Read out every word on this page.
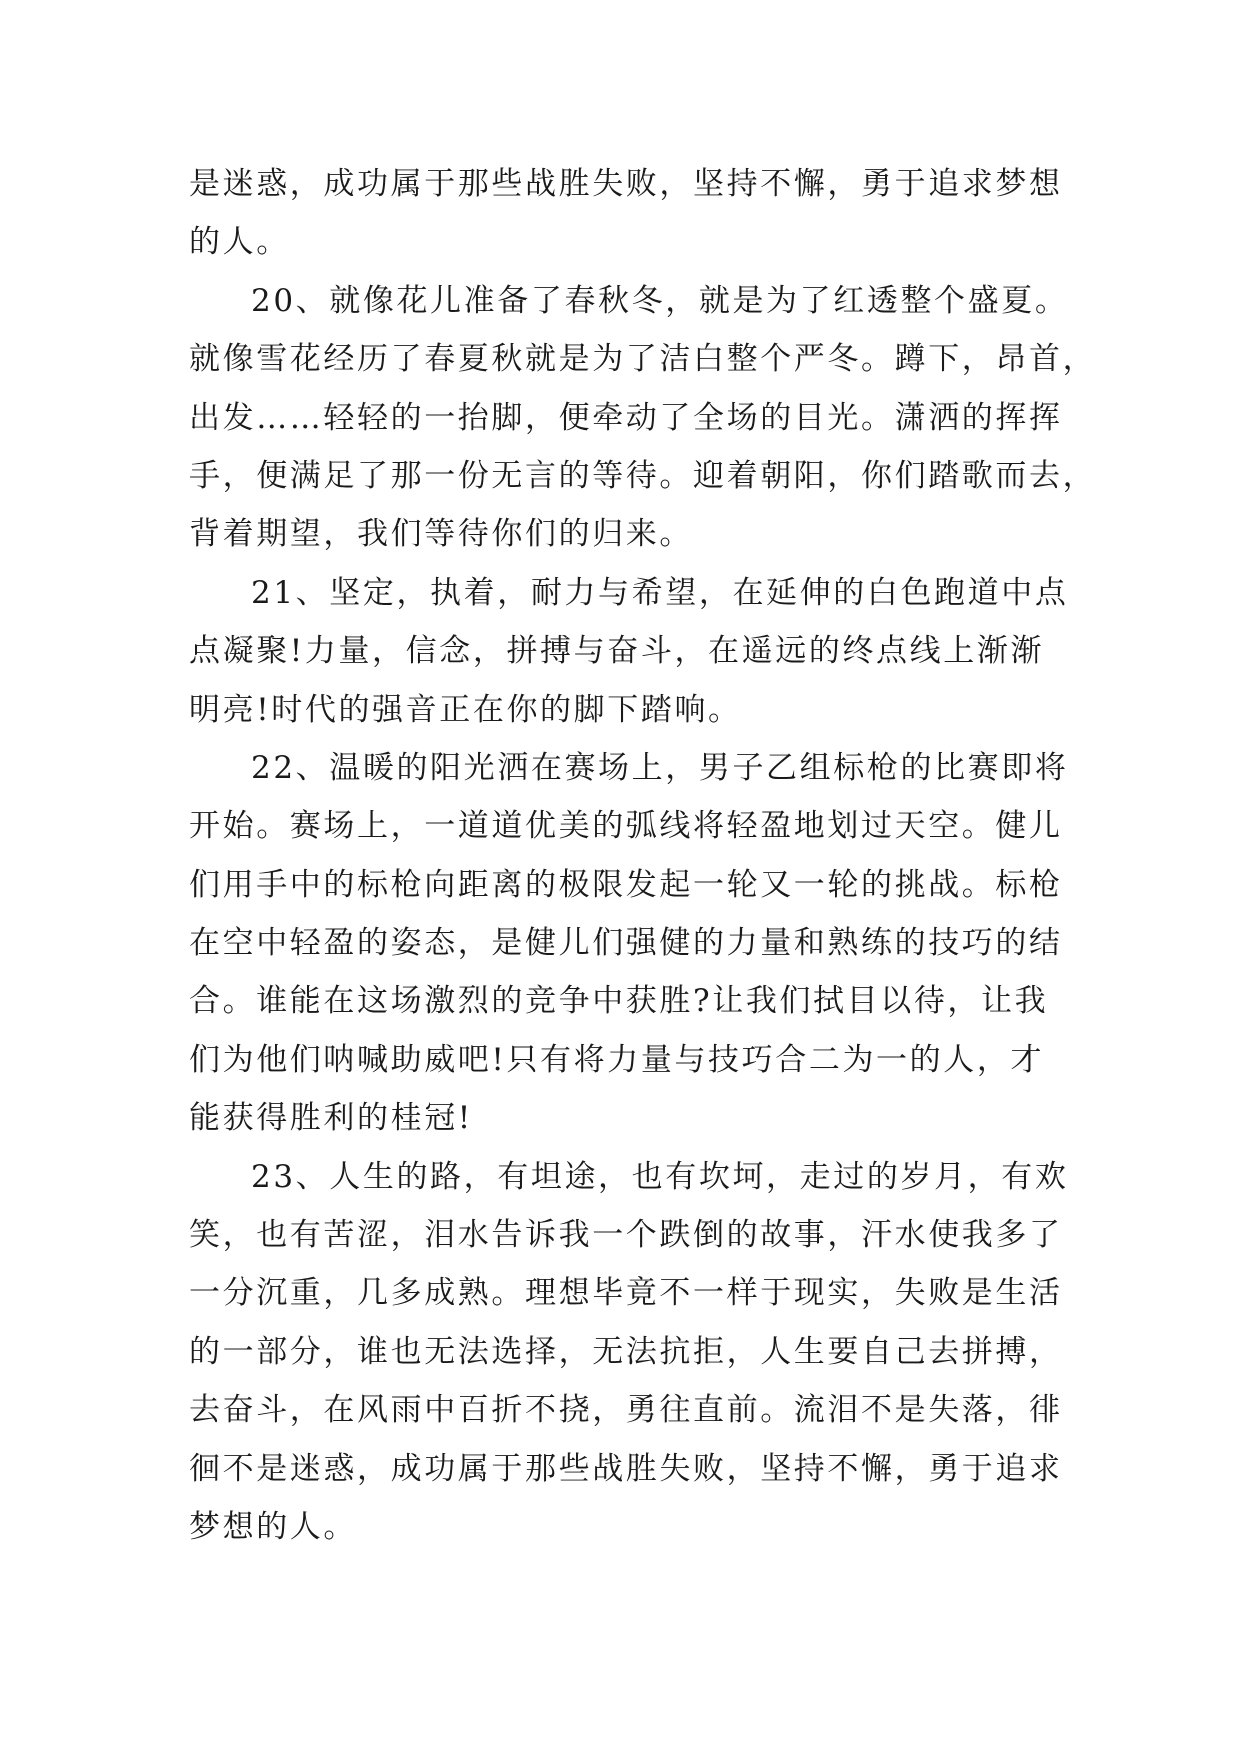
是迷惑，成功属于那些战胜失败，坚持不懈，勇于追求梦想
的人。
20、就像花儿准备了春秋冬，就是为了红透整个盛夏。
就像雪花经历了春夏秋就是为了洁白整个严冬。蹲下，昂首，
出发……轻轻的一抬脚，便牵动了全场的目光。潇洒的挥挥
手，便满足了那一份无言的等待。迎着朝阳，你们踏歌而去，
背着期望，我们等待你们的归来。
21、坚定，执着，耐力与希望，在延伸的白色跑道中点
点凝聚!力量，信念，拼搏与奋斗，在遥远的终点线上渐渐
明亮!时代的强音正在你的脚下踏响。
22、温暖的阳光洒在赛场上，男子乙组标枪的比赛即将
开始。赛场上，一道道优美的弧线将轻盈地划过天空。健儿
们用手中的标枪向距离的极限发起一轮又一轮的挑战。标枪
在空中轻盈的姿态，是健儿们强健的力量和熟练的技巧的结
合。谁能在这场激烈的竞争中获胜?让我们拭目以待，让我
们为他们呐喊助威吧!只有将力量与技巧合二为一的人，才
能获得胜利的桂冠!
23、人生的路，有坦途，也有坎坷，走过的岁月，有欢
笑，也有苦涩，泪水告诉我一个跌倒的故事，汗水使我多了
一分沉重，几多成熟。理想毕竟不一样于现实，失败是生活
的一部分，谁也无法选择，无法抗拒，人生要自己去拼搏，
去奋斗，在风雨中百折不挠，勇往直前。流泪不是失落，徘
徊不是迷惑，成功属于那些战胜失败，坚持不懈，勇于追求
梦想的人。
